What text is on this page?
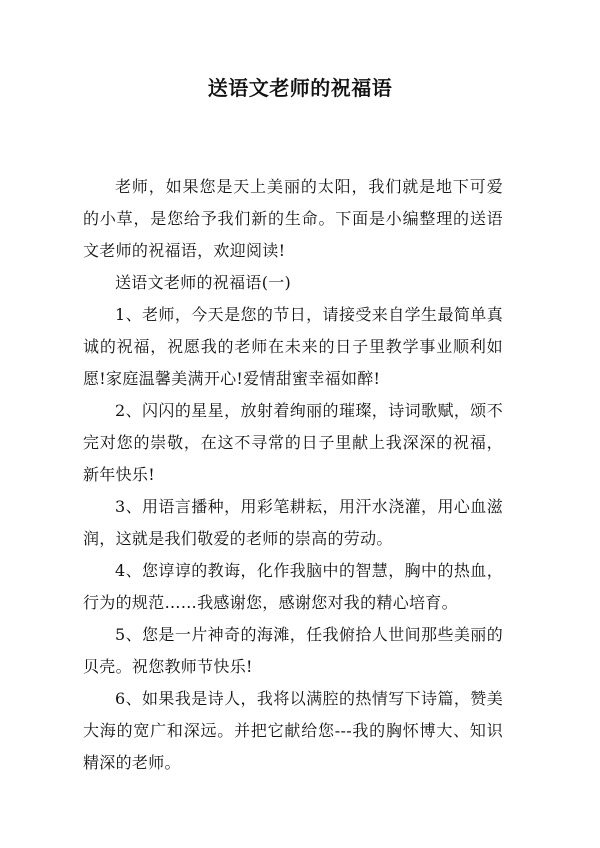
送语文老师的祝福语

老师，如果您是天上美丽的太阳，我们就是地下可爱的小草，是您给予我们新的生命。下面是小编整理的送语文老师的祝福语，欢迎阅读!

送语文老师的祝福语(一)

1、老师，今天是您的节日，请接受来自学生最简单真诚的祝福，祝愿我的老师在未来的日子里教学事业顺利如愿!家庭温馨美满开心!爱情甜蜜幸福如醉!

2、闪闪的星星，放射着绚丽的璀璨，诗词歌赋，颂不完对您的崇敬，在这不寻常的日子里献上我深深的祝福，新年快乐!

3、用语言播种，用彩笔耕耘，用汗水浇灌，用心血滋润，这就是我们敬爱的老师的崇高的劳动。

4、您谆谆的教诲，化作我脑中的智慧，胸中的热血，行为的规范……我感谢您，感谢您对我的精心培育。

5、您是一片神奇的海滩，任我俯拾人世间那些美丽的贝壳。祝您教师节快乐!

6、如果我是诗人，我将以满腔的热情写下诗篇，赞美大海的宽广和深远。并把它献给您---我的胸怀博大、知识精深的老师。
